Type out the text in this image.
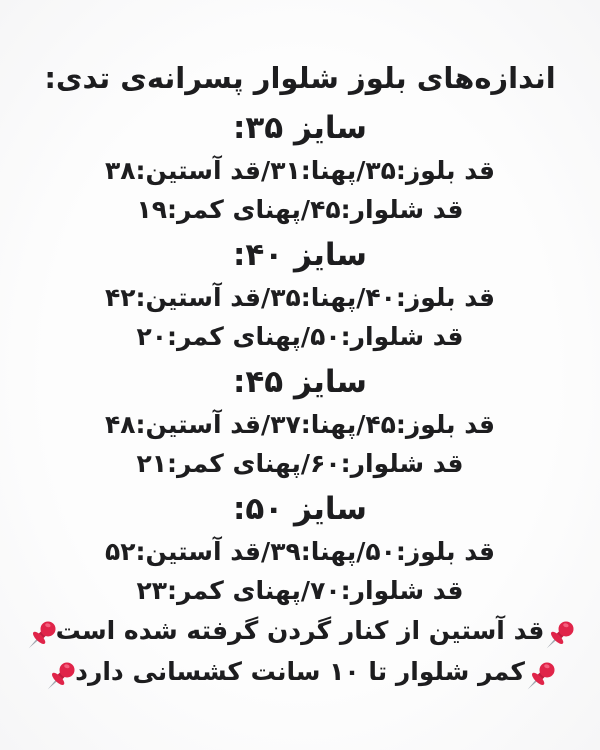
اندازه‌های بلوز شلوار پسرانه‌ی تدی:
سایز ۳۵:
قد بلوز:۳۵/پهنا:۳۱/قد آستین:۳۸
قد شلوار:۴۵/پهنای کمر:۱۹
سایز ۴۰:
قد بلوز:۴۰/پهنا:۳۵/قد آستین:۴۲
قد شلوار:۵۰/پهنای کمر:۲۰
سایز ۴۵:
قد بلوز:۴۵/پهنا:۳۷/قد آستین:۴۸
قد شلوار:۶۰/پهنای کمر:۲۱
سایز ۵۰:
قد بلوز:۵۰/پهنا:۳۹/قد آستین:۵۲
قد شلوار:۷۰/پهنای کمر:۲۳
قد آستین از کنار گردن گرفته شده است
کمر شلوار تا ۱۰ سانت کشسانی دارد
